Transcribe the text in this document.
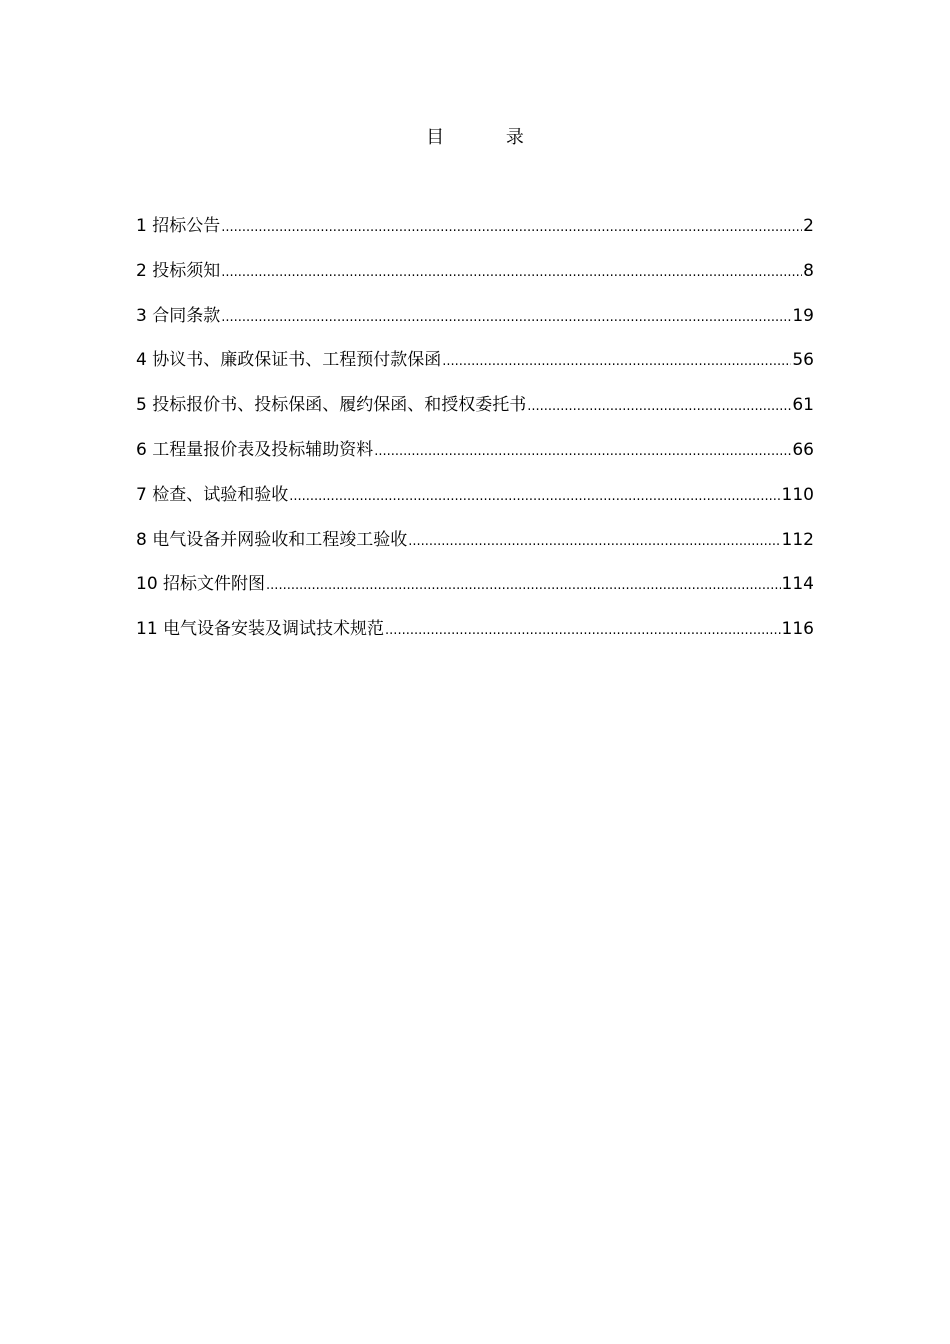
目 录
1 招标公告 .....	2
2 投标须知 .....	8
3 合同条款 .....	19
4 协议书、廉政保证书、工程预付款保函 .....	56
5 投标报价书、投标保函、履约保函、和授权委托书 .....	61
6 工程量报价表及投标辅助资料 .....	66
7 检查、试验和验收 .....	110
8 电气设备并网验收和工程竣工验收 .....	112
10 招标文件附图 .....	114
11 电气设备安装及调试技术规范 .....	116
